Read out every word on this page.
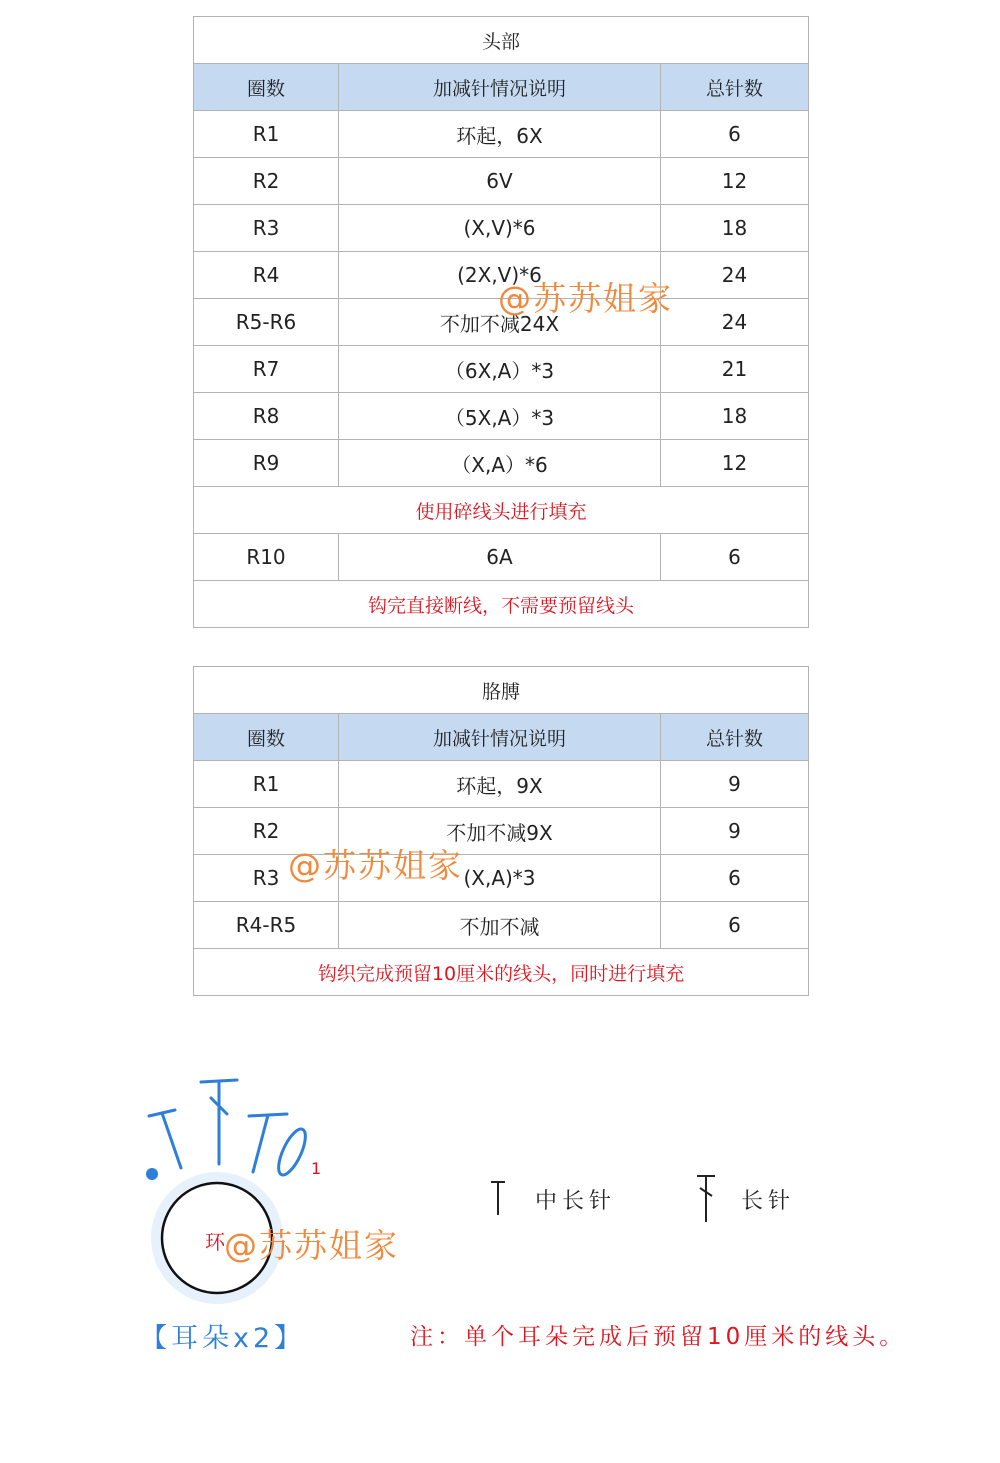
头部		
圈数	加减针情况说明	总针数
R1	环起，6X	6
R2	6V	12
R3	(X,V)*6	18
R4	(2X,V)*6	24
R5-R6	不加不减24X	24
R7	（6X,A）*3	21
R8	（5X,A）*3	18
R9	（X,A）*6	12
使用碎线头进行填充		
R10	6A	6
钩完直接断线，不需要预留线头		
@苏苏姐家
胳膊		
圈数	加减针情况说明	总针数
R1	环起，9X	9
R2	不加不减9X	9
R3	(X,A)*3	6
R4-R5	不加不减	6
钩织完成预留10厘米的线头，同时进行填充		
@苏苏姐家
1
环 @苏苏姐家
中长针	长针
【耳朵x2】	注：单个耳朵完成后预留10厘米的线头。
